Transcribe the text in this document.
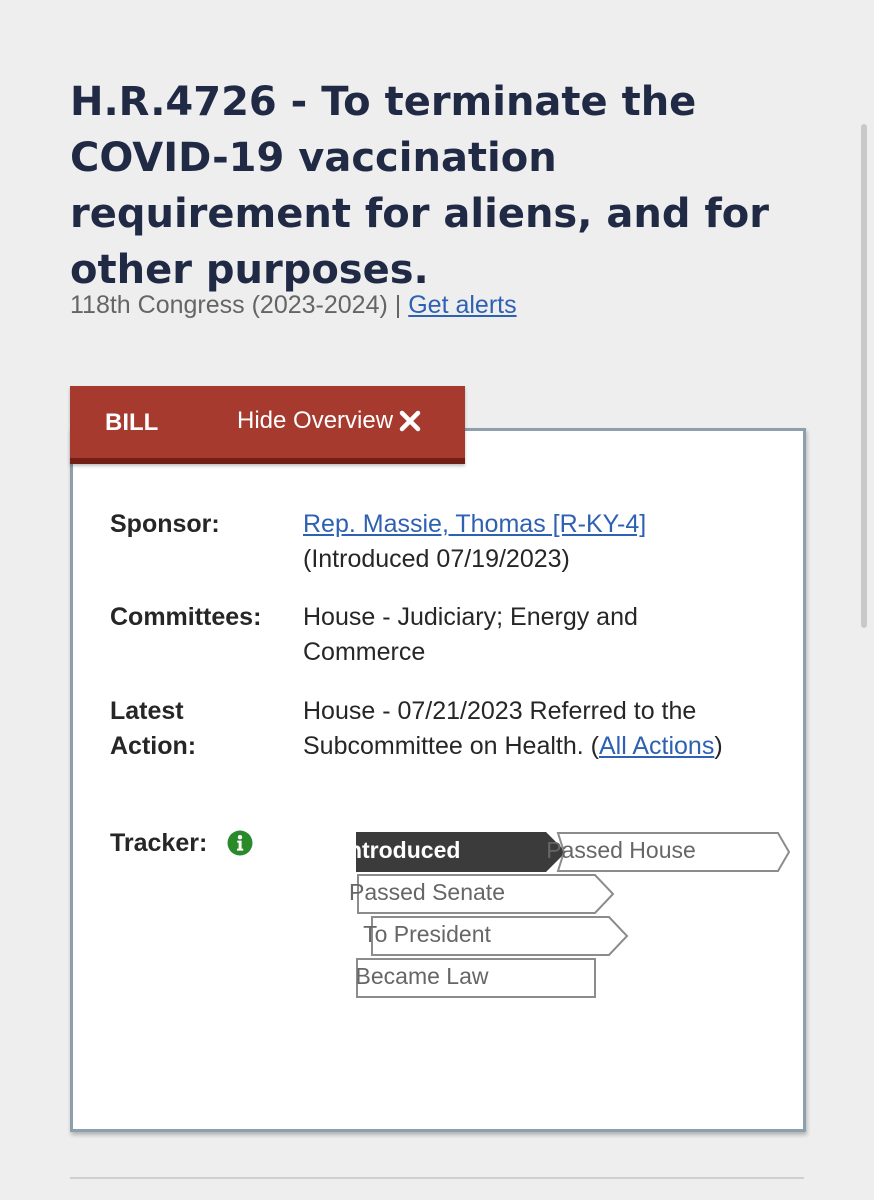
H.R.4726 - To terminate the COVID-19 vaccination requirement for aliens, and for other purposes.
118th Congress (2023-2024) | Get alerts
BILL	Hide Overview
Sponsor:	Rep. Massie, Thomas [R-KY-4]
(Introduced 07/19/2023)
Committees: House - Judiciary; Energy and Commerce
Latest
Action:
House - 07/21/2023 Referred to the Subcommittee on Health. (All Actions)
Tracker:	Introduced	Passed House
Passed Senate
To President
Became Law
